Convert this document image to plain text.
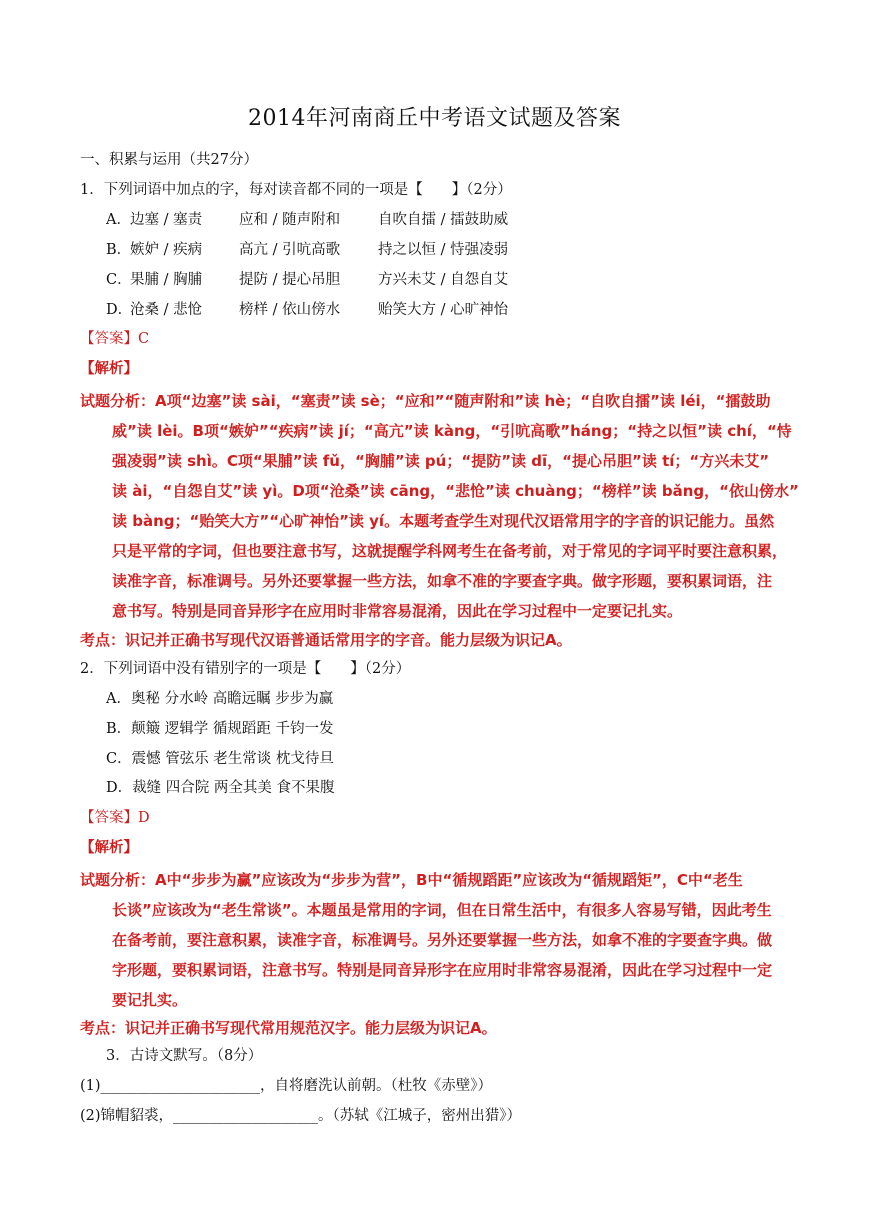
2014年河南商丘中考语文试题及答案
一、积累与运用（共27分）
1．下列词语中加点的字，每对读音都不同的一项是【　　】（2分）
A． 边塞 / 塞责	应和 / 随声附和	自吹自擂 / 擂鼓助威
B．
嫉妒 / 疾病	高亢 / 引吭高歌	持之以恒 / 恃强凌弱
C．
果脯 / 胸脯	提防 / 提心吊胆	方兴未艾 / 自怨自艾
D．
沧桑 / 悲怆	榜样 / 依山傍水	贻笑大方 / 心旷神怡
【答案】C
【解析】
试题分析：A项“边塞”读 sài，“塞责”读 sè；“应和”“随声附和”读 hè；“自吹自擂”读 léi，“擂鼓助
威”读 lèi。B项“嫉妒”“疾病”读 jí；“高亢”读 kàng，“引吭高歌”háng；“持之以恒”读 chí，“恃
强凌弱”读 shì。C项“果脯”读 fǔ，“胸脯”读 pú；“提防”读 dī，“提心吊胆”读 tí；“方兴未艾”
读 ài，“自怨自艾”读 yì。D项“沧桑”读 cāng，“悲怆”读 chuàng；“榜样”读 bǎng，“依山傍水”
读 bàng；“贻笑大方”“心旷神怡”读 yí。本题考查学生对现代汉语常用字的字音的识记能力。虽然
只是平常的字词，但也要注意书写，这就提醒学科网考生在备考前，对于常见的字词平时要注意积累，
读准字音，标准调号。另外还要掌握一些方法，如拿不准的字要查字典。做字形题，要积累词语，注
意书写。特别是同音异形字在应用时非常容易混淆，因此在学习过程中一定要记扎实。
考点：识记并正确书写现代汉语普通话常用字的字音。能力层级为识记A。
2．下列词语中没有错别字的一项是【　　】（2分）
A．奥秘 分水岭 高瞻远瞩 步步为赢
B．颠簸 逻辑学 循规蹈距 千钧一发
C．震憾 管弦乐 老生常谈 枕戈待旦
D．裁缝 四合院 两全其美 食不果腹
【答案】D
【解析】
试题分析：A中“步步为赢”应该改为“步步为营”，B中“循规蹈距”应该改为“循规蹈矩”，C中“老生
长谈”应该改为“老生常谈”。本题虽是常用的字词，但在日常生活中，有很多人容易写错，因此考生
在备考前，要注意积累，读准字音，标准调号。另外还要掌握一些方法，如拿不准的字要查字典。做
字形题，要积累词语，注意书写。特别是同音异形字在应用时非常容易混淆，因此在学习过程中一定
要记扎实。
考点：识记并正确书写现代常用规范汉字。能力层级为识记A。
3．古诗文默写。（8分）
(1)______________________，自将磨洗认前朝。（杜牧《赤壁》）
(2)锦帽貂裘，____________________。（苏轼《江城子，密州出猎》）
